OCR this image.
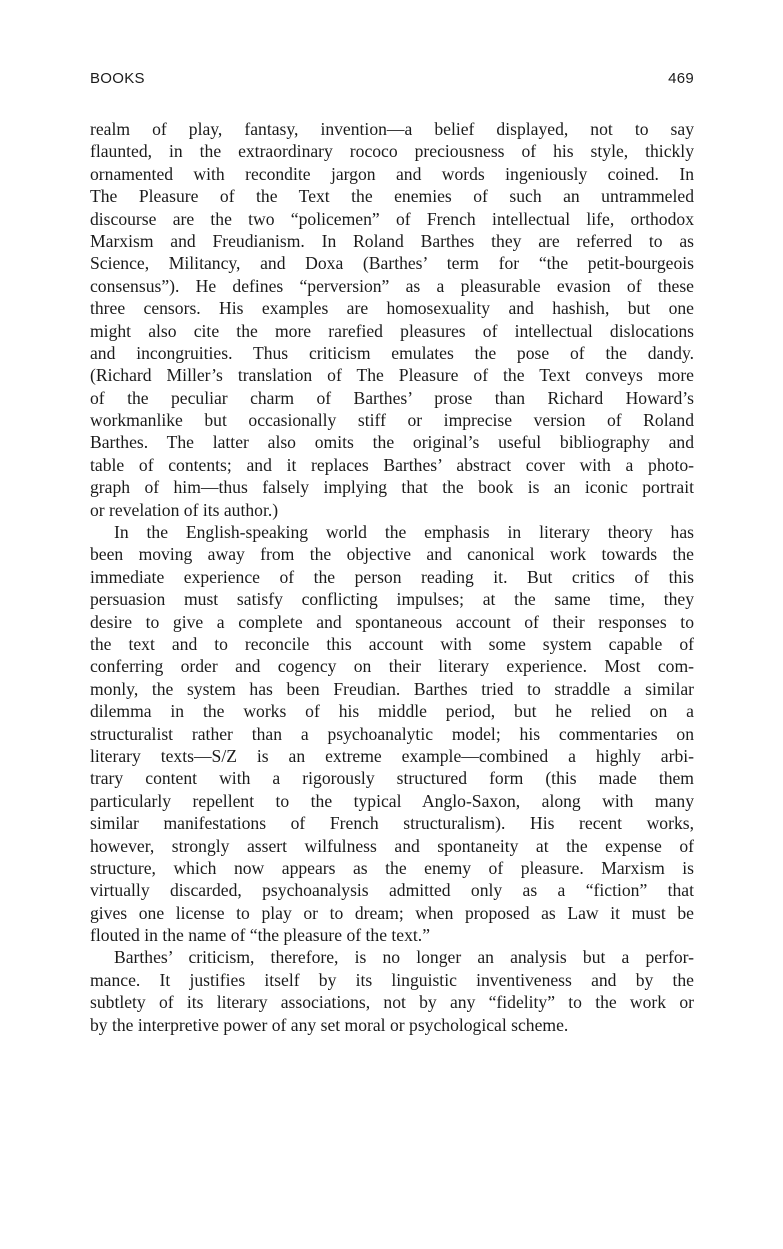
BOOKS	469
realm of play, fantasy, invention—a belief displayed, not to say
flaunted, in the extraordinary rococo preciousness of his style, thickly
ornamented with recondite jargon and words ingeniously coined. In
The Pleasure of the Text the enemies of such an untrammeled
discourse are the two “policemen” of French intellectual life, orthodox
Marxism and Freudianism. In Roland Barthes they are referred to as
Science, Militancy, and Doxa (Barthes’ term for “the petit-bourgeois
consensus”). He defines “perversion” as a pleasurable evasion of these
three censors. His examples are homosexuality and hashish, but one
might also cite the more rarefied pleasures of intellectual dislocations
and incongruities. Thus criticism emulates the pose of the dandy.
(Richard Miller’s translation of The Pleasure of the Text conveys more
of the peculiar charm of Barthes’ prose than Richard Howard’s
workmanlike but occasionally stiff or imprecise version of Roland
Barthes. The latter also omits the original’s useful bibliography and
table of contents; and it replaces Barthes’ abstract cover with a photo-
graph of him—thus falsely implying that the book is an iconic portrait
or revelation of its author.)
In the English-speaking world the emphasis in literary theory has
been moving away from the objective and canonical work towards the
immediate experience of the person reading it. But critics of this
persuasion must satisfy conflicting impulses; at the same time, they
desire to give a complete and spontaneous account of their responses to
the text and to reconcile this account with some system capable of
conferring order and cogency on their literary experience. Most com-
monly, the system has been Freudian. Barthes tried to straddle a similar
dilemma in the works of his middle period, but he relied on a
structuralist rather than a psychoanalytic model; his commentaries on
literary texts—S/Z is an extreme example—combined a highly arbi-
trary content with a rigorously structured form (this made them
particularly repellent to the typical Anglo-Saxon, along with many
similar manifestations of French structuralism). His recent works,
however, strongly assert wilfulness and spontaneity at the expense of
structure, which now appears as the enemy of pleasure. Marxism is
virtually discarded, psychoanalysis admitted only as a “fiction” that
gives one license to play or to dream; when proposed as Law it must be
flouted in the name of “the pleasure of the text.”
Barthes’ criticism, therefore, is no longer an analysis but a perfor-
mance. It justifies itself by its linguistic inventiveness and by the
subtlety of its literary associations, not by any “fidelity” to the work or
by the interpretive power of any set moral or psychological scheme.
